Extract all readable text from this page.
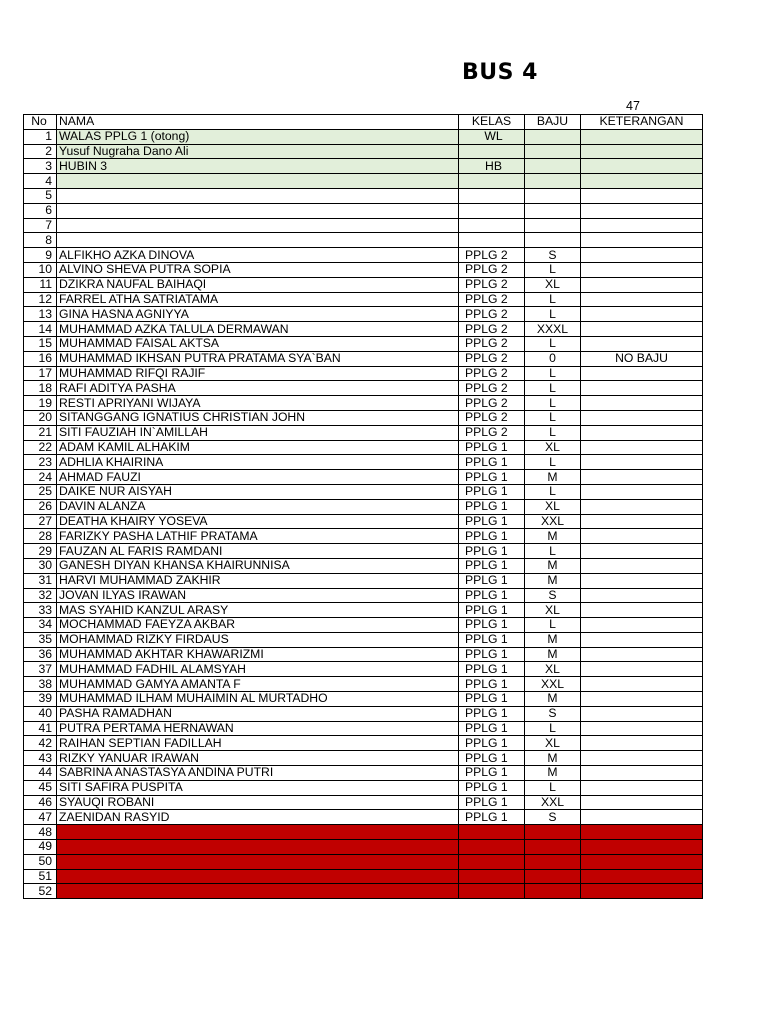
BUS 4
47
No	NAMA	KELAS	BAJU	KETERANGAN
1	WALAS PPLG 1 (otong)	WL		
2	Yusuf Nugraha Dano Ali			
3	HUBIN 3	HB		
4				
5				
6				
7				
8				
9	ALFIKHO AZKA DINOVA	PPLG 2	S	
10	ALVINO SHEVA PUTRA SOPIA	PPLG 2	L	
11	DZIKRA NAUFAL BAIHAQI	PPLG 2	XL	
12	FARREL ATHA SATRIATAMA	PPLG 2	L	
13	GINA HASNA AGNIYYA	PPLG 2	L	
14	MUHAMMAD AZKA TALULA DERMAWAN	PPLG 2	XXXL	
15	MUHAMMAD FAISAL AKTSA	PPLG 2	L	
16	MUHAMMAD IKHSAN PUTRA PRATAMA SYA`BAN	PPLG 2	0	NO BAJU
17	MUHAMMAD RIFQI RAJIF	PPLG 2	L	
18	RAFI ADITYA PASHA	PPLG 2	L	
19	RESTI APRIYANI WIJAYA	PPLG 2	L	
20	SITANGGANG IGNATIUS CHRISTIAN JOHN	PPLG 2	L	
21	SITI FAUZIAH IN`AMILLAH	PPLG 2	L	
22	ADAM KAMIL ALHAKIM	PPLG 1	XL	
23	ADHLIA KHAIRINA	PPLG 1	L	
24	AHMAD FAUZI	PPLG 1	M	
25	DAIKE NUR AISYAH	PPLG 1	L	
26	DAVIN ALANZA	PPLG 1	XL	
27	DEATHA KHAIRY YOSEVA	PPLG 1	XXL	
28	FARIZKY PASHA LATHIF PRATAMA	PPLG 1	M	
29	FAUZAN AL FARIS RAMDANI	PPLG 1	L	
30	GANESH DIYAN KHANSA KHAIRUNNISA	PPLG 1	M	
31	HARVI MUHAMMAD ZAKHIR	PPLG 1	M	
32	JOVAN ILYAS IRAWAN	PPLG 1	S	
33	MAS SYAHID KANZUL ARASY	PPLG 1	XL	
34	MOCHAMMAD FAEYZA AKBAR	PPLG 1	L	
35	MOHAMMAD RIZKY FIRDAUS	PPLG 1	M	
36	MUHAMMAD AKHTAR KHAWARIZMI	PPLG 1	M	
37	MUHAMMAD FADHIL ALAMSYAH	PPLG 1	XL	
38	MUHAMMAD GAMYA AMANTA F	PPLG 1	XXL	
39	MUHAMMAD ILHAM MUHAIMIN AL MURTADHO	PPLG 1	M	
40	PASHA RAMADHAN	PPLG 1	S	
41	PUTRA PERTAMA HERNAWAN	PPLG 1	L	
42	RAIHAN SEPTIAN FADILLAH	PPLG 1	XL	
43	RIZKY YANUAR IRAWAN	PPLG 1	M	
44	SABRINA ANASTASYA ANDINA PUTRI	PPLG 1	M	
45	SITI SAFIRA PUSPITA	PPLG 1	L	
46	SYAUQI ROBANI	PPLG 1	XXL	
47	ZAENIDAN RASYID	PPLG 1	S	
48				
49				
50				
51				
52				
